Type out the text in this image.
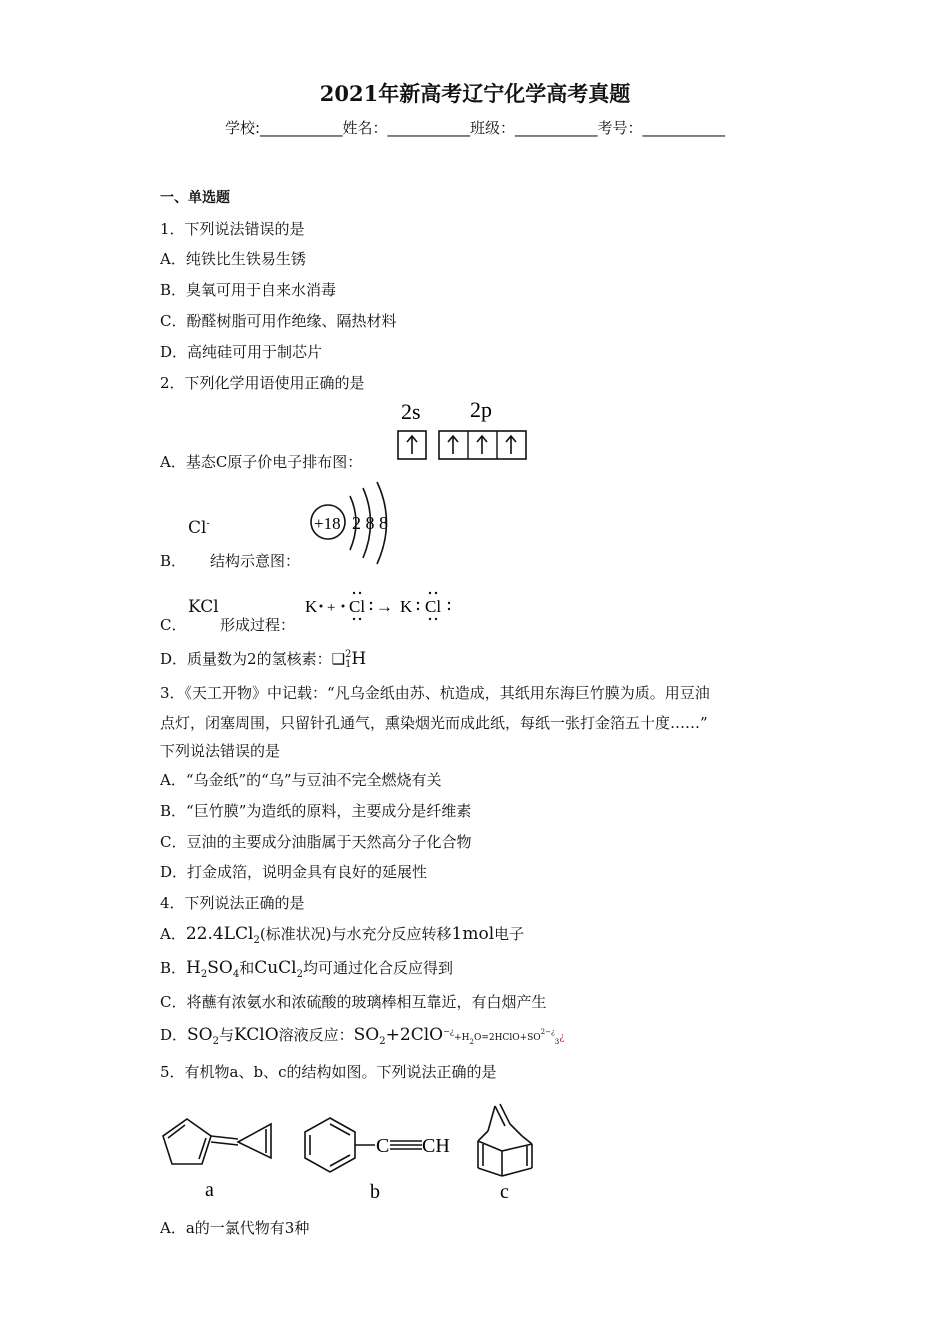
2021年新高考辽宁化学高考真题
学校:___________姓名：___________班级：___________考号：___________
一、单选题
1．下列说法错误的是
A．纯铁比生铁易生锈
B．臭氧可用于自来水消毒
C．酚醛树脂可用作绝缘、隔热材料
D．高纯硅可用于制芯片
2．下列化学用语使用正确的是
A．基态C原子价电子排布图：
2s 2p
Cl-
B． 结构示意图：
+18 2 8 8
KCl
C． 形成过程：
K + Cl → K Cl
D．质量数为2的氢核素：❑ 2
1 H
3．《天工开物》中记载：“凡乌金纸由苏、杭造成，其纸用东海巨竹膜为质。用豆油
点灯，闭塞周围，只留针孔通气，熏染烟光而成此纸，每纸一张打金箔五十度……”
下列说法错误的是
A．“乌金纸”的“乌”与豆油不完全燃烧有关
B．“巨竹膜”为造纸的原料，主要成分是纤维素
C．豆油的主要成分油脂属于天然高分子化合物
D．打金成箔，说明金具有良好的延展性
4．下列说法正确的是
A．22.4LCl$_2$(标准状况)与水充分反应转移1mol电子
B．$H_2SO_4$和CuCl$_2$均可通过化合反应得到
C．将蘸有浓氨水和浓硫酸的玻璃棒相互靠近，有白烟产生
D．$SO_2$与KClO溶液反应：$SO_2+2ClO^{-¿}+H_2O=2HClO+SO^{2-¿}_3¿$
5．有机物a、b、c的结构如图。下列说法正确的是
a
C CH
b	c
A．a的一氯代物有3种
